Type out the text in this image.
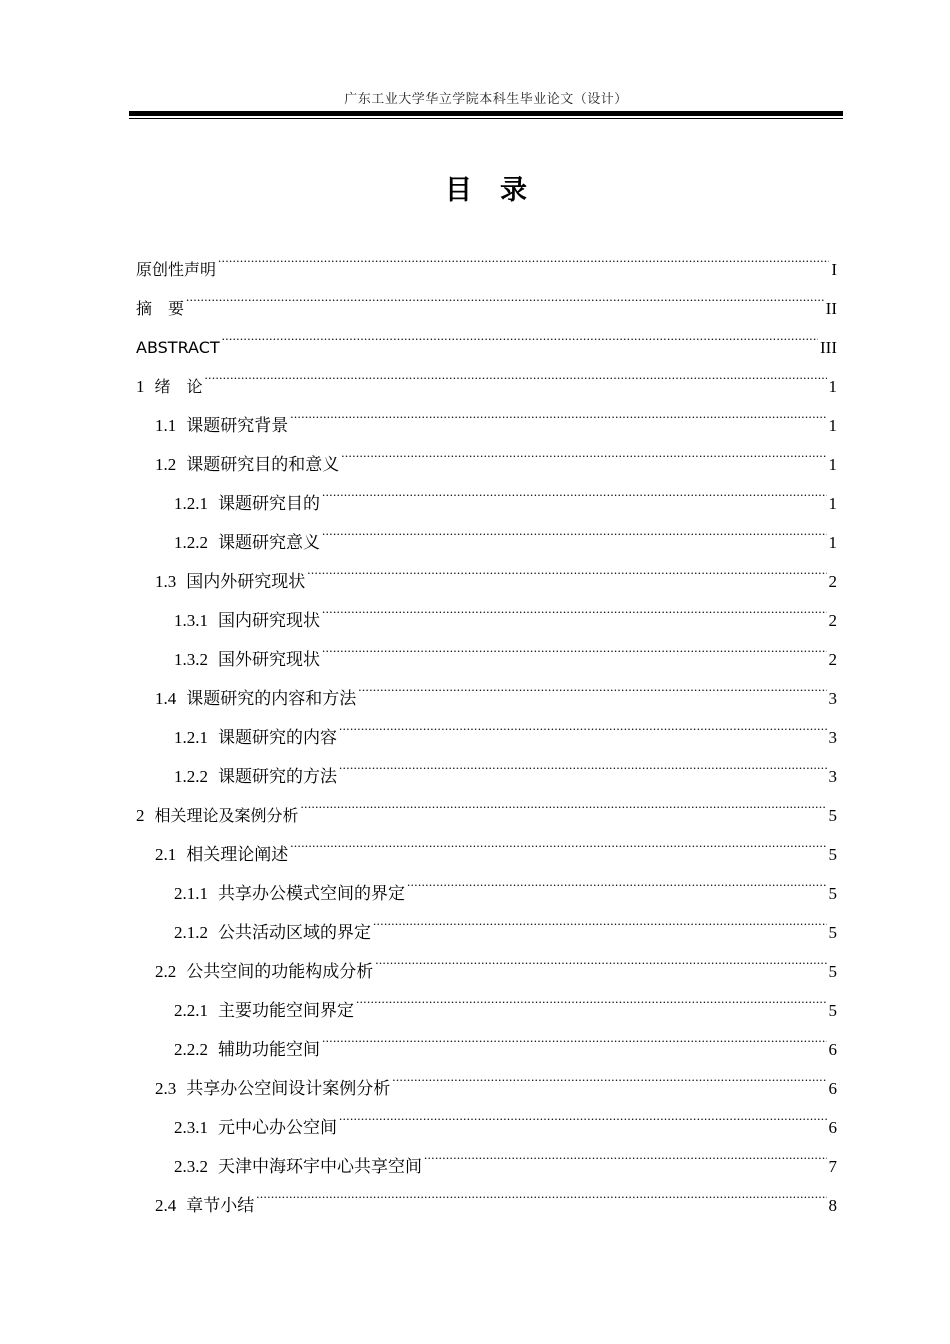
广东工业大学华立学院本科生毕业论文（设计）
目录
原创性声明 .....	I
摘　要 .....	II
ABSTRACT .....	III
1 绪　论 .....	1
1.1 课题研究背景 .....	1
1.2 课题研究目的和意义 .....	1
1.2.1 课题研究目的 .....	1
1.2.2 课题研究意义 .....	1
1.3 国内外研究现状 .....	2
1.3.1 国内研究现状 .....	2
1.3.2 国外研究现状 .....	2
1.4 课题研究的内容和方法 .....	3
1.2.1 课题研究的内容 .....	3
1.2.2 课题研究的方法 .....	3
2 相关理论及案例分析 .....	5
2.1 相关理论阐述 .....	5
2.1.1 共享办公模式空间的界定 .....	5
2.1.2 公共活动区域的界定 .....	5
2.2 公共空间的功能构成分析 .....	5
2.2.1 主要功能空间界定 .....	5
2.2.2 辅助功能空间 .....	6
2.3 共享办公空间设计案例分析 .....	6
2.3.1 元中心办公空间 .....	6
2.3.2 天津中海环宇中心共享空间 .....	7
2.4 章节小结 .....	8
